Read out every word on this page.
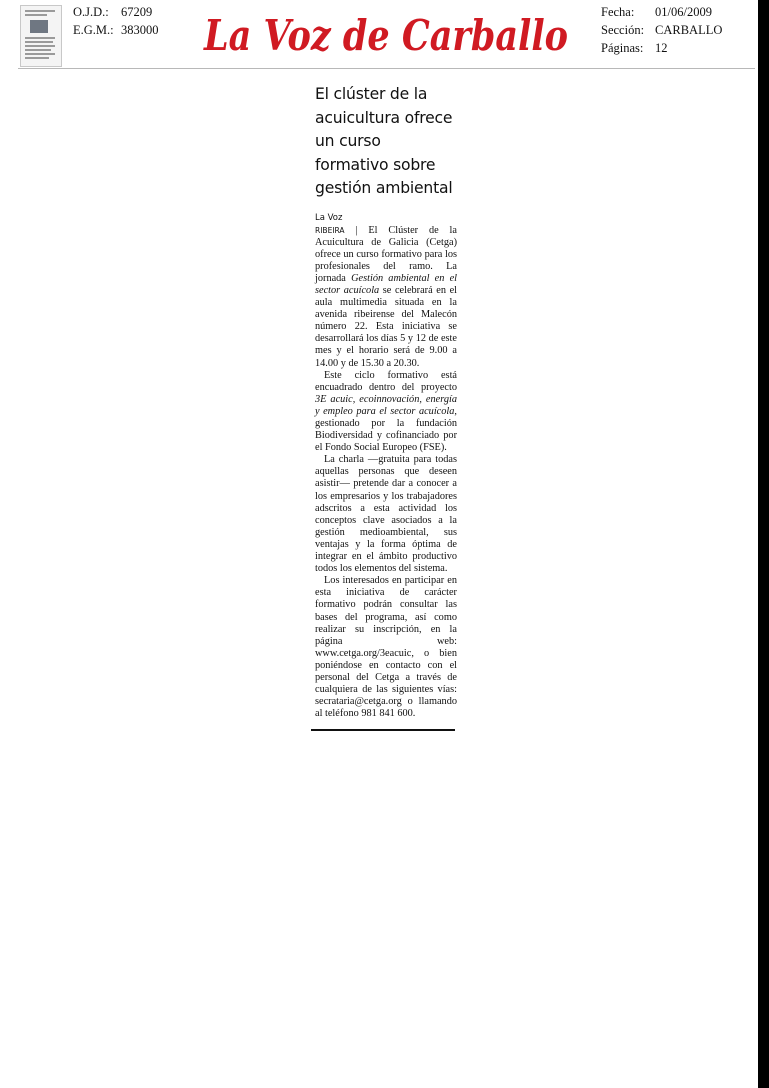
O.J.D.: 67209
E.G.M.: 383000 La Voz de Carballo	Fecha: 01/06/2009
Sección: CARBALLO
Páginas: 12
El clúster de la acuicultura ofrece un curso formativo sobre gestión ambiental
La Voz

RIBEIRA | El Clúster de la Acuicultura de Galicia (Cetga) ofrece un curso formativo para los profesionales del ramo. La jornada Gestión ambiental en el sector acuícola se celebrará en el aula multimedia situada en la avenida ribeirense del Malecón número 22. Esta iniciativa se desarrollará los días 5 y 12 de este mes y el horario será de 9.00 a 14.00 y de 15.30 a 20.30.

Este ciclo formativo está encuadrado dentro del proyecto 3E acuic, ecoinnovación, energía y empleo para el sector acuícola, gestionado por la fundación Biodiversidad y cofinanciado por el Fondo Social Europeo (FSE).

La charla —gratuita para todas aquellas personas que deseen asistir— pretende dar a conocer a los empresarios y los trabajadores adscritos a esta actividad los conceptos clave asociados a la gestión medioambiental, sus ventajas y la forma óptima de integrar en el ámbito productivo todos los elementos del sistema.

Los interesados en participar en esta iniciativa de carácter formativo podrán consultar las bases del programa, así como realizar su inscripción, en la página web: www.cetga.org/3eacuic, o bien poniéndose en contacto con el personal del Cetga a través de cualquiera de las siguientes vías: secrataria@cetga.org o llamando al teléfono 981 841 600.
